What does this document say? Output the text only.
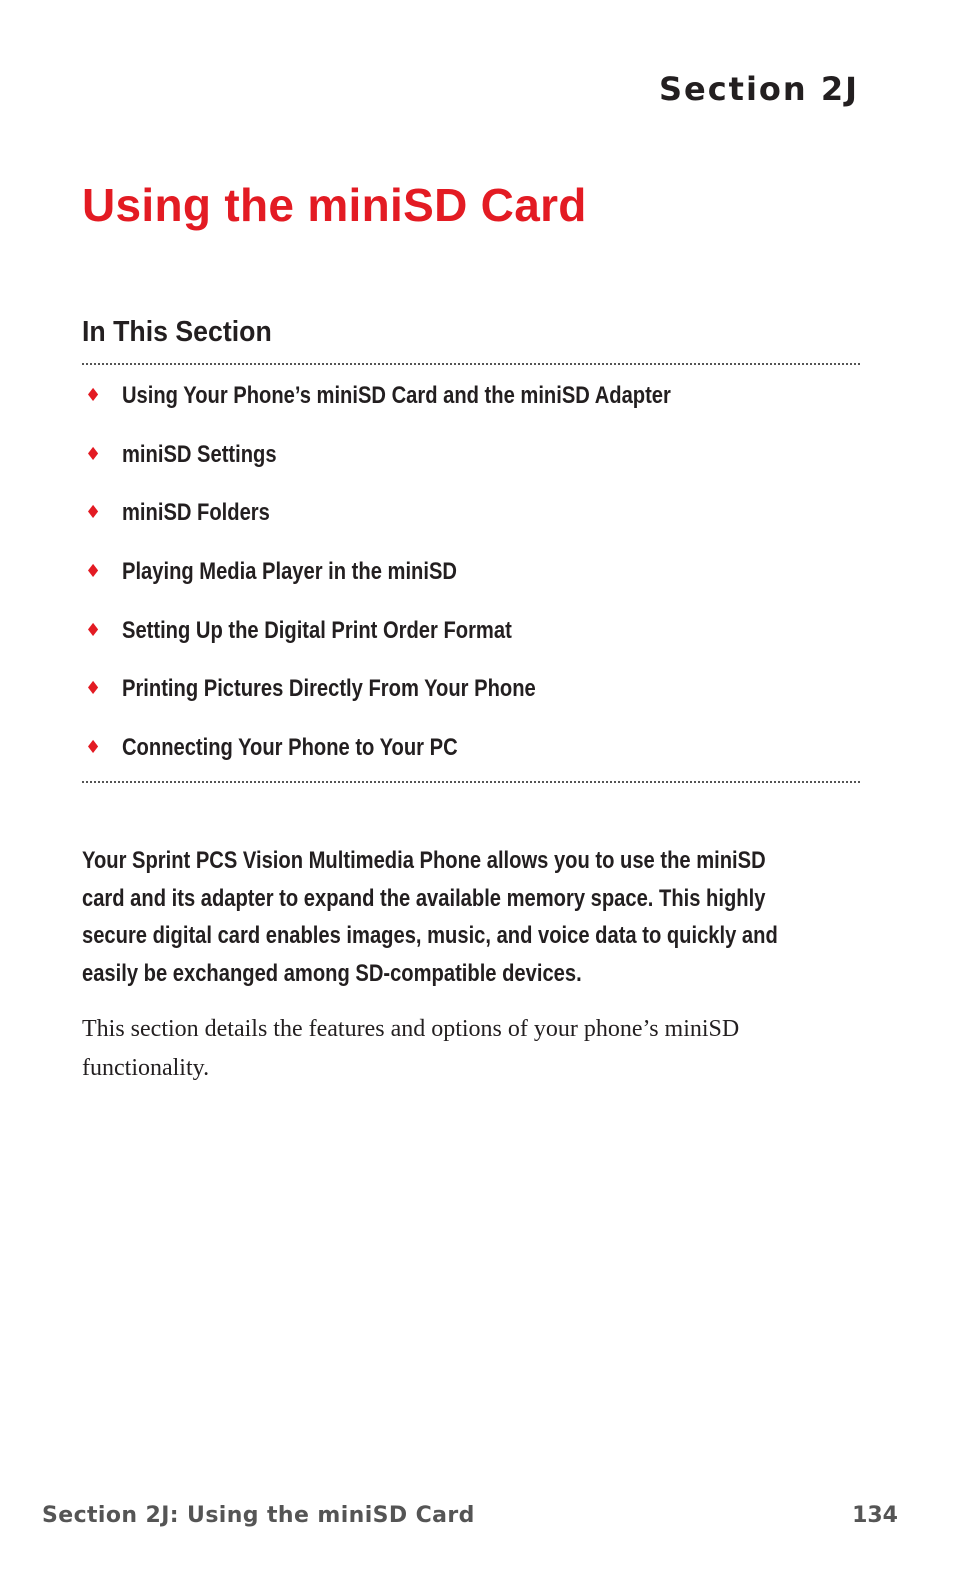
Section 2J
Using the miniSD Card
In This Section
♦ Using Your Phone’s miniSD Card and the miniSD Adapter
♦ miniSD Settings
♦ miniSD Folders
♦ Playing Media Player in the miniSD
♦ Setting Up the Digital Print Order Format
♦ Printing Pictures Directly From Your Phone
♦ Connecting Your Phone to Your PC

Your Sprint PCS Vision Multimedia Phone allows you to use the miniSD
card and its adapter to expand the available memory space. This highly
secure digital card enables images, music, and voice data to quickly and
easily be exchanged among SD-compatible devices.

This section details the features and options of your phone’s miniSD functionality.

Section 2J: Using the miniSD Card	134
